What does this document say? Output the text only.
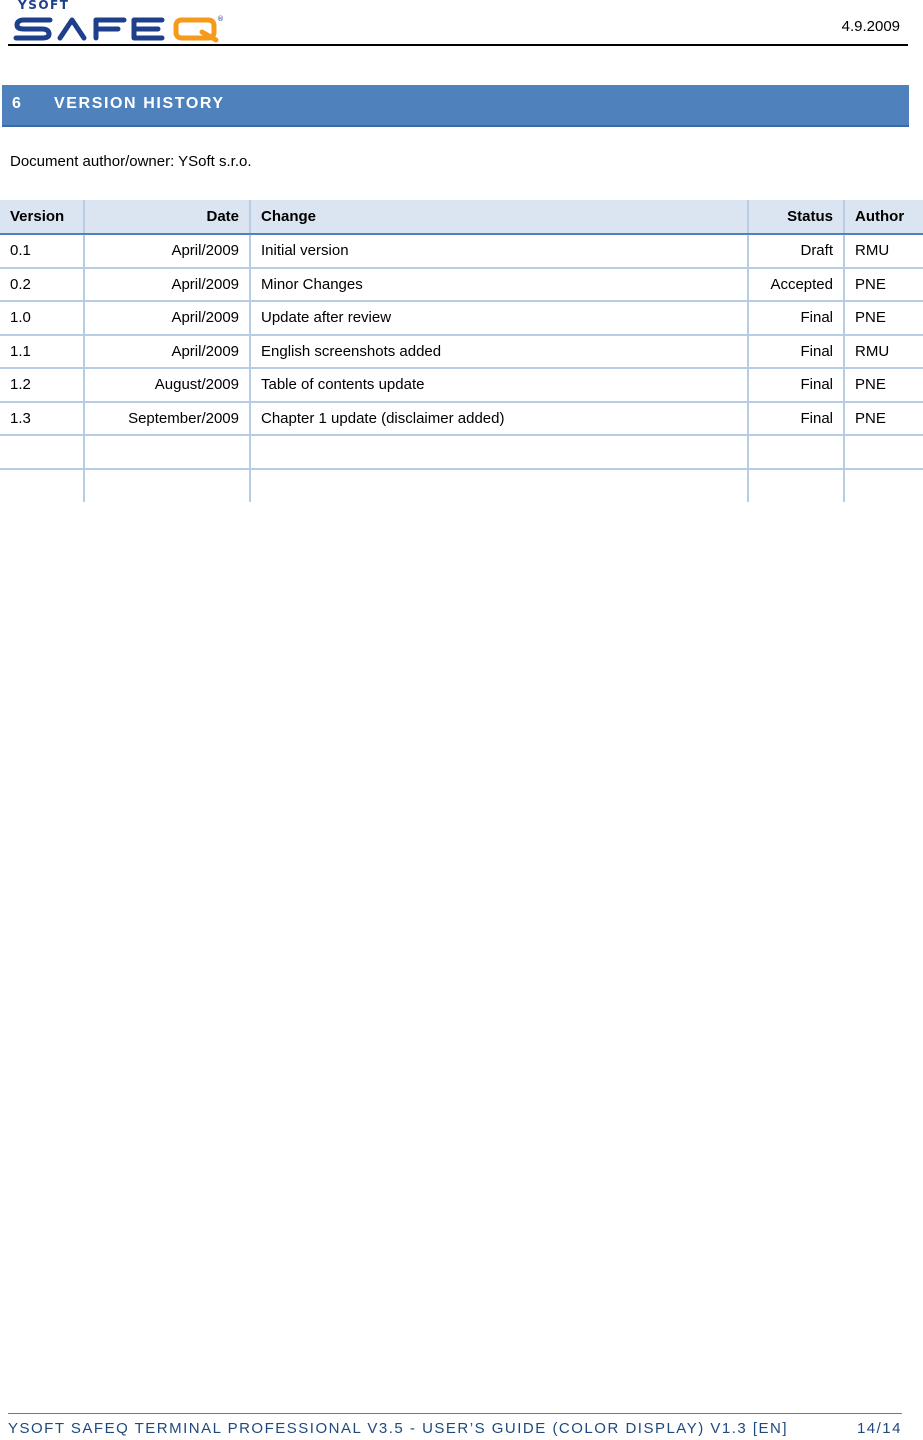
YSOFT
®	4.9.2009
6 VERSION HISTORY
Document author/owner: YSoft s.r.o.
Version	Date	Change	Status	Author
0.1	April/2009	Initial version	Draft	RMU
0.2	April/2009	Minor Changes	Accepted	PNE
1.0	April/2009	Update after review	Final	PNE
1.1	April/2009	English screenshots added	Final	RMU
1.2	August/2009	Table of contents update	Final	PNE
1.3	September/2009	Chapter 1 update (disclaimer added)	Final	PNE

YSOFT SAFEQ TERMINAL PROFESSIONAL V3.5 - USER’S GUIDE (COLOR DISPLAY) V1.3 [EN]	14/14
